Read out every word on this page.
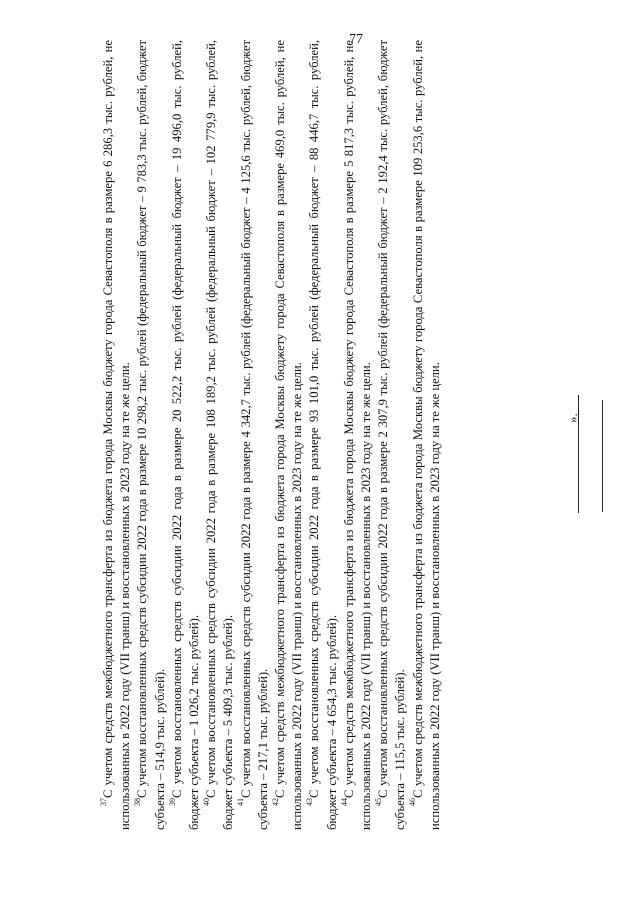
77

$^{37}$С учетом средств межбюджетного трансферта из бюджета города Москвы бюджету города Севастополя в размере 6 286,3 тыс. рублей, не использованных в 2022 году (VII транш) и восстановленных в 2023 году на те же цели. $^{38}$С учетом восстановленных средств субсидии 2022 года в размере 10 298,2 тыс. рублей (федеральный бюджет – 9 783,3 тыс. рублей, бюджет субъекта – 514,9 тыс. рублей). $^{39}$С учетом восстановленных средств субсидии 2022 года в размере 20 522,2 тыс. рублей (федеральный бюджет – 19 496,0 тыс. рублей, бюджет субъекта – 1 026,2 тыс. рублей). $^{40}$С учетом восстановленных средств субсидии 2022 года в размере 108 189,2 тыс. рублей (федеральный бюджет – 102 779,9 тыс. рублей, бюджет субъекта – 5 409,3 тыс. рублей). $^{41}$С учетом восстановленных средств субсидии 2022 года в размере 4 342,7 тыс. рублей (федеральный бюджет – 4 125,6 тыс. рублей, бюджет субъекта – 217,1 тыс. рублей). $^{42}$С учетом средств межбюджетного трансферта из бюджета города Москвы бюджету города Севастополя в размере 469,0 тыс. рублей, не использованных в 2022 году (VII транш) и восстановленных в 2023 году на те же цели. $^{43}$С учетом восстановленных средств субсидии 2022 года в размере 93 101,0 тыс. рублей (федеральный бюджет – 88 446,7 тыс. рублей, бюджет субъекта – 4 654,3 тыс. рублей). $^{44}$С учетом средств межбюджетного трансферта из бюджета города Москвы бюджету города Севастополя в размере 5 817,3 тыс. рублей, не использованных в 2022 году (VII транш) и восстановленных в 2023 году на те же цели. $^{45}$С учетом восстановленных средств субсидии 2022 года в размере 2 307,9 тыс. рублей (федеральный бюджет – 2 192,4 тыс. рублей, бюджет субъекта – 115,5 тыс. рублей). $^{46}$С учетом средств межбюджетного трансферта из бюджета города Москвы бюджету города Севастополя в размере 109 253,6 тыс. рублей, не использованных в 2022 году (VII транш) и восстановленных в 2023 году на те же цели.	».
